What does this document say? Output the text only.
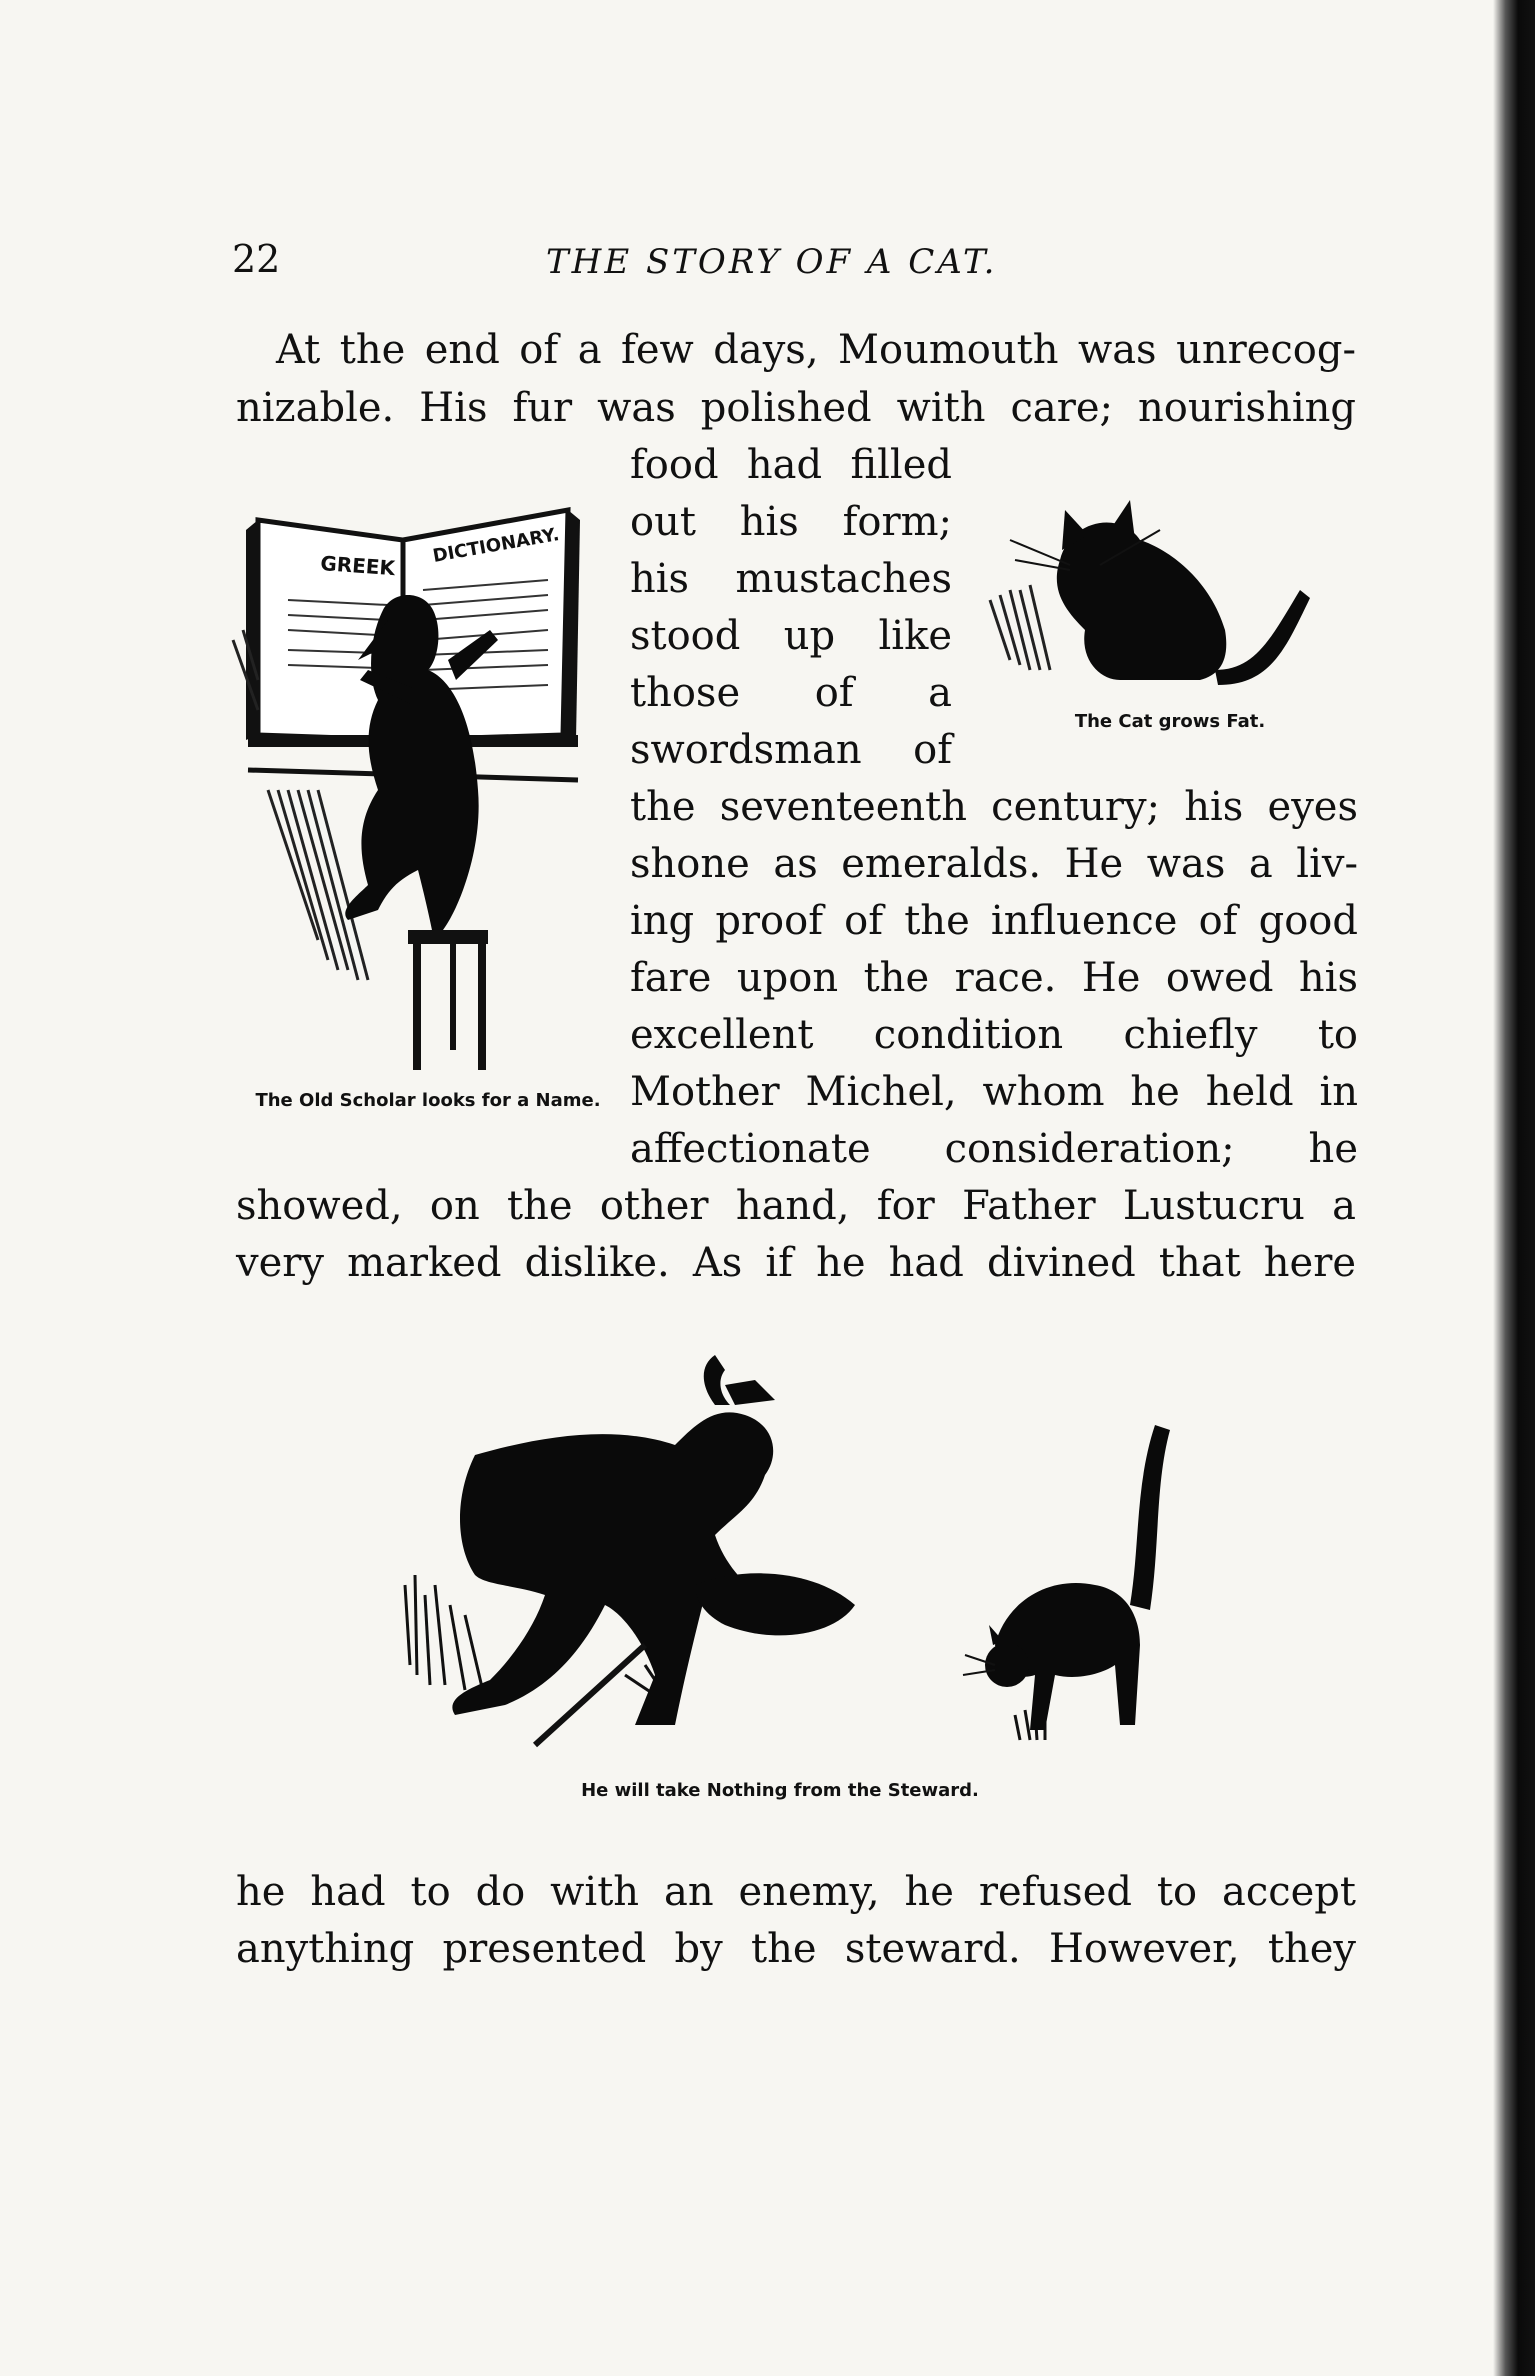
22	THE STORY OF A CAT.
At the end of a few days, Moumouth was unrecog-
nizable. His fur was polished with care; nourishing
food had filled
out his form;
his mustaches
stood up like
those of a
swordsman of
the seventeenth century; his eyes
shone as emeralds. He was a liv-
ing proof of the influence of good
fare upon the race. He owed his
excellent condition chiefly to
Mother Michel, whom he held in
affectionate consideration; he
showed, on the other hand, for Father Lustucru a
very marked dislike. As if he had divined that here
he had to do with an enemy, he refused to accept
anything presented by the steward. However, they
GREEK DICTIONARY.
The Old Scholar looks for a Name.
The Cat grows Fat.
He will take Nothing from the Steward.
